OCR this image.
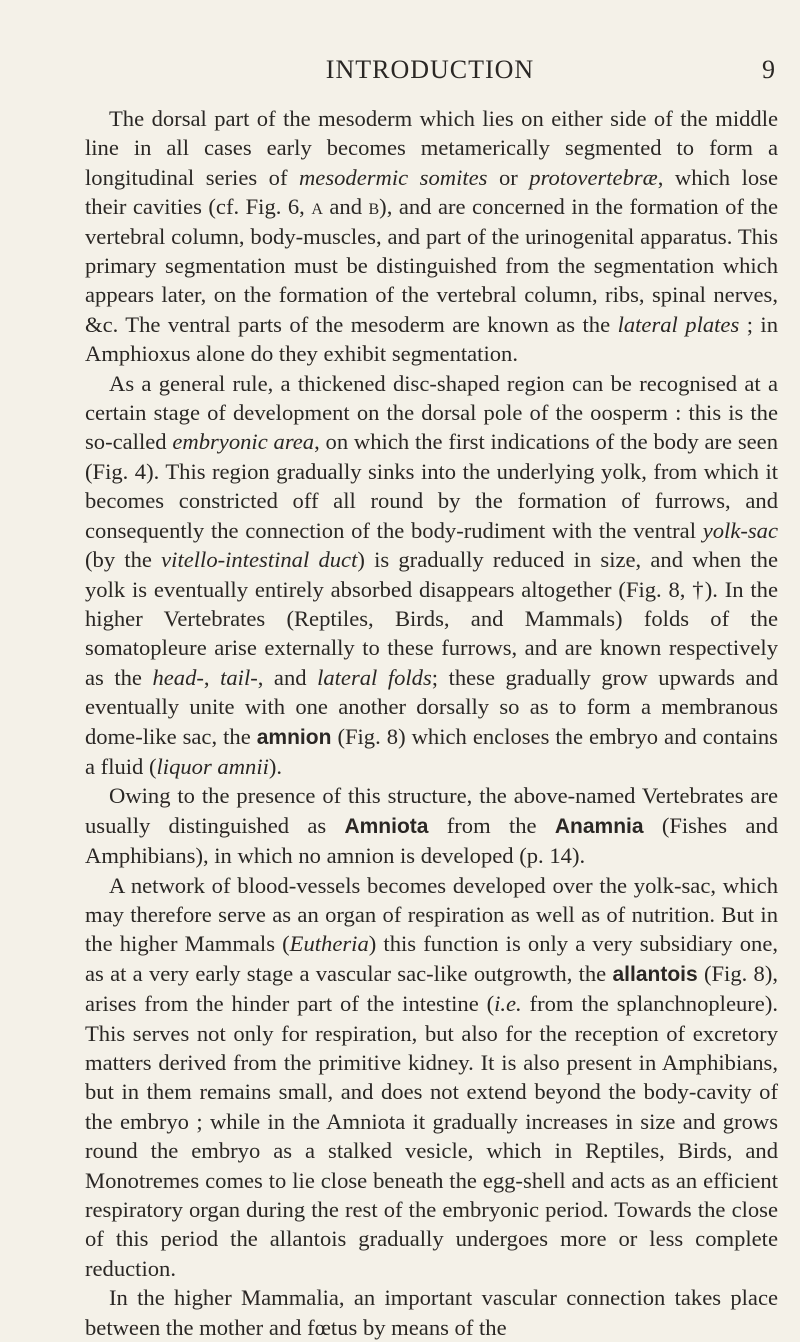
INTRODUCTION	9

The dorsal part of the mesoderm which lies on either side of the middle line in all cases early becomes metamerically segmented to form a longitudinal series of mesodermic somites or protovertebræ, which lose their cavities (cf. Fig. 6, a and b), and are concerned in the formation of the vertebral column, body-muscles, and part of the urinogenital apparatus. This primary segmentation must be distinguished from the segmentation which appears later, on the formation of the vertebral column, ribs, spinal nerves, &c. The ventral parts of the mesoderm are known as the lateral plates ; in Amphioxus alone do they exhibit segmentation.

As a general rule, a thickened disc-shaped region can be recognised at a certain stage of development on the dorsal pole of the oosperm : this is the so-called embryonic area, on which the first indications of the body are seen (Fig. 4). This region gradually sinks into the underlying yolk, from which it becomes constricted off all round by the formation of furrows, and consequently the connection of the body-rudiment with the ventral yolk-sac (by the vitello-intestinal duct) is gradually reduced in size, and when the yolk is eventually entirely absorbed disappears altogether (Fig. 8, †). In the higher Vertebrates (Reptiles, Birds, and Mammals) folds of the somatopleure arise externally to these furrows, and are known respectively as the head-, tail-, and lateral folds; these gradually grow upwards and eventually unite with one another dorsally so as to form a membranous dome-like sac, the amnion (Fig. 8) which encloses the embryo and contains a fluid (liquor amnii).

Owing to the presence of this structure, the above-named Vertebrates are usually distinguished as Amniota from the Anamnia (Fishes and Amphibians), in which no amnion is developed (p. 14).

A network of blood-vessels becomes developed over the yolk-sac, which may therefore serve as an organ of respiration as well as of nutrition. But in the higher Mammals (Eutheria) this function is only a very subsidiary one, as at a very early stage a vascular sac-like outgrowth, the allantois (Fig. 8), arises from the hinder part of the intestine (i.e. from the splanchnopleure). This serves not only for respiration, but also for the reception of excretory matters derived from the primitive kidney. It is also present in Amphibians, but in them remains small, and does not extend beyond the body-cavity of the embryo ; while in the Amniota it gradually increases in size and grows round the embryo as a stalked vesicle, which in Reptiles, Birds, and Monotremes comes to lie close beneath the egg-shell and acts as an efficient respiratory organ during the rest of the embryonic period. Towards the close of this period the allantois gradually undergoes more or less complete reduction.

In the higher Mammalia, an important vascular connection takes place between the mother and fœtus by means of the
